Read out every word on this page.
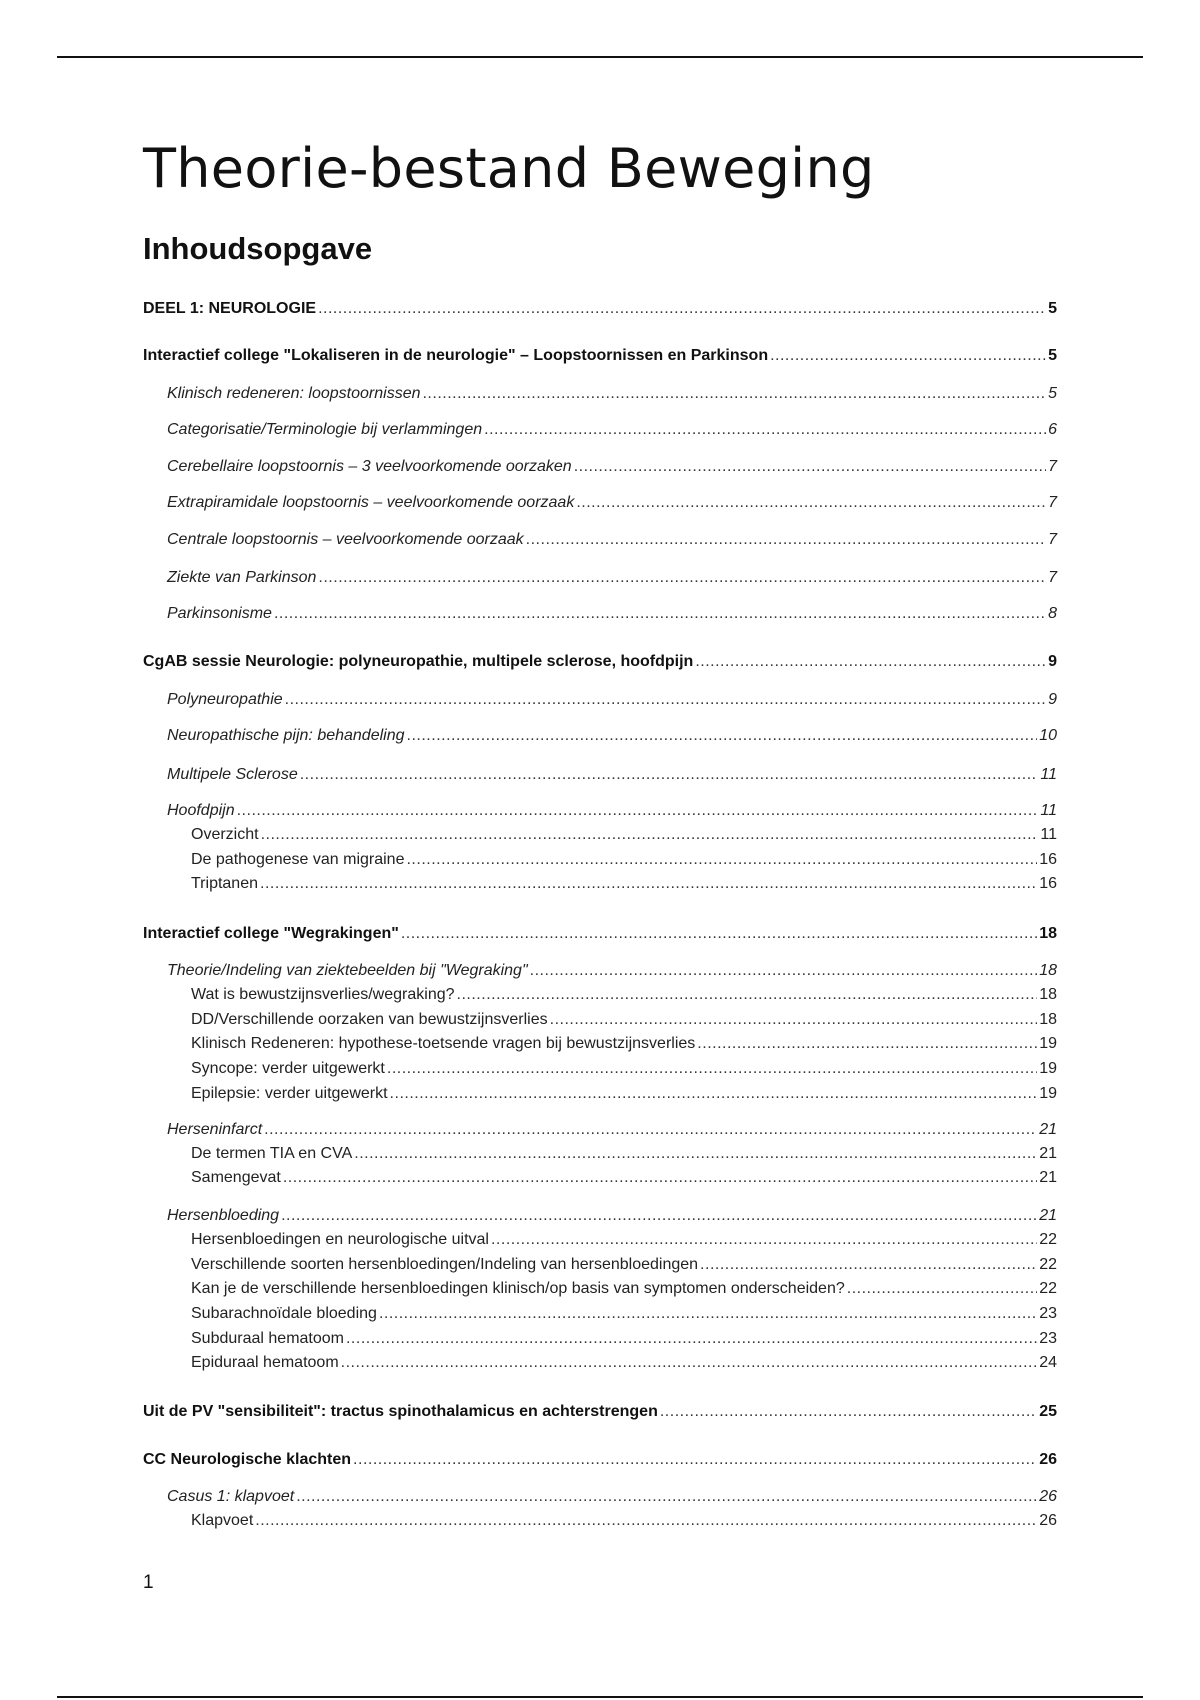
Theorie-bestand Beweging
Inhoudsopgave
DEEL 1: NEUROLOGIE .....	5
Interactief college "Lokaliseren in de neurologie" – Loopstoornissen en Parkinson .....	5
Klinisch redeneren: loopstoornissen .....	5
Categorisatie/Terminologie bij verlammingen .....	6
Cerebellaire loopstoornis – 3 veelvoorkomende oorzaken .....	7
Extrapiramidale loopstoornis – veelvoorkomende oorzaak .....	7
Centrale loopstoornis – veelvoorkomende oorzaak .....	7
Ziekte van Parkinson .....	7
Parkinsonisme .....	8
CgAB sessie Neurologie: polyneuropathie, multipele sclerose, hoofdpijn .....	9
Polyneuropathie .....	9
Neuropathische pijn: behandeling .....	10
Multipele Sclerose .....	11
Hoofdpijn .....	11
Overzicht .....	11
De pathogenese van migraine .....	16
Triptanen .....	16
Interactief college "Wegrakingen" .....	18
Theorie/Indeling van ziektebeelden bij "Wegraking" .....	18
Wat is bewustzijnsverlies/wegraking? .....	18
DD/Verschillende oorzaken van bewustzijnsverlies .....	18
Klinisch Redeneren: hypothese-toetsende vragen bij bewustzijnsverlies .....	19
Syncope: verder uitgewerkt .....	19
Epilepsie: verder uitgewerkt .....	19
Herseninfarct .....	21
De termen TIA en CVA .....	21
Samengevat .....	21
Hersenbloeding .....	21
Hersenbloedingen en neurologische uitval .....	22
Verschillende soorten hersenbloedingen/Indeling van hersenbloedingen .....	22
Kan je de verschillende hersenbloedingen klinisch/op basis van symptomen onderscheiden? .....	22
Subarachnoïdale bloeding .....	23
Subduraal hematoom .....	23
Epiduraal hematoom .....	24
Uit de PV "sensibiliteit": tractus spinothalamicus en achterstrengen .....	25
CC Neurologische klachten .....	26
Casus 1: klapvoet .....	26
Klapvoet .....	26
1
